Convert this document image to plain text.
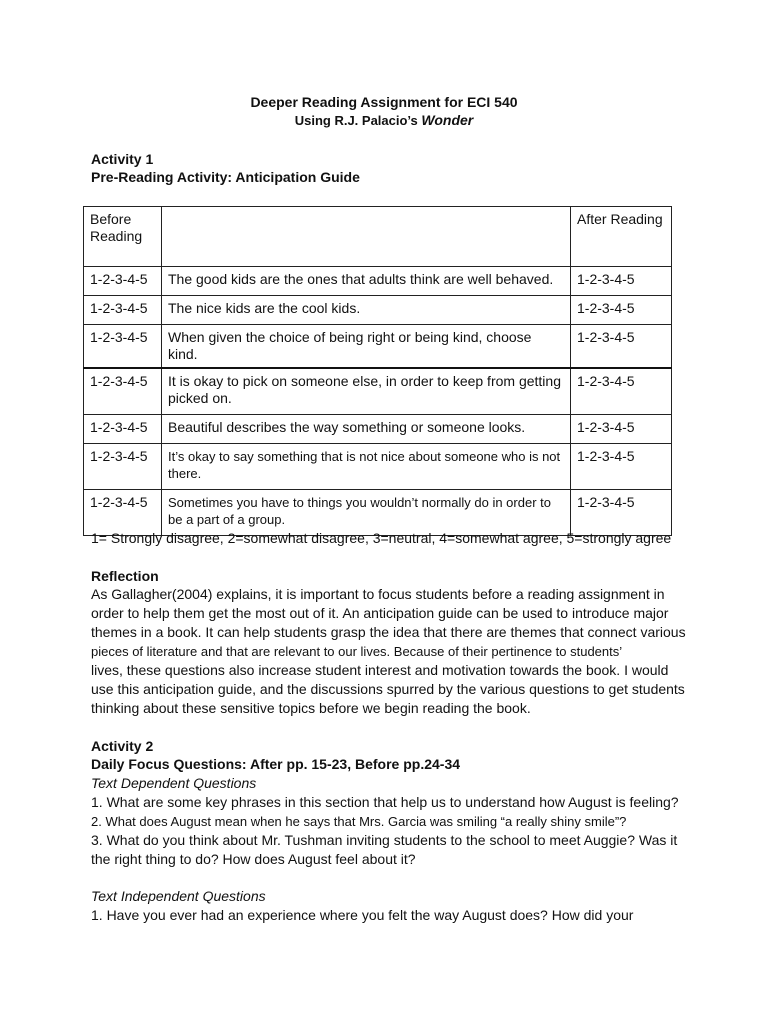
Deeper Reading Assignment for ECI 540
Using R.J. Palacio’s Wonder
Activity 1
Pre-Reading Activity: Anticipation Guide
Before Reading		After Reading
1-2-3-4-5	The good kids are the ones that adults think are well behaved.	1-2-3-4-5
1-2-3-4-5	The nice kids are the cool kids.	1-2-3-4-5
1-2-3-4-5	When given the choice of being right or being kind, choose kind.	1-2-3-4-5
1-2-3-4-5	It is okay to pick on someone else, in order to keep from getting picked on.	1-2-3-4-5
1-2-3-4-5	Beautiful describes the way something or someone looks.	1-2-3-4-5
1-2-3-4-5	It’s okay to say something that is not nice about someone who is not there.	1-2-3-4-5
1-2-3-4-5	Sometimes you have to things you wouldn’t normally do in order to be a part of a group.	1-2-3-4-5
1= Strongly disagree, 2=somewhat disagree, 3=neutral, 4=somewhat agree, 5=strongly agree
Reflection
As Gallagher(2004) explains, it is important to focus students before a reading assignment in
order to help them get the most out of it. An anticipation guide can be used to introduce major
themes in a book. It can help students grasp the idea that there are themes that connect various
pieces of literature and that are relevant to our lives. Because of their pertinence to students’
lives, these questions also increase student interest and motivation towards the book. I would
use this anticipation guide, and the discussions spurred by the various questions to get students
thinking about these sensitive topics before we begin reading the book.
Activity 2
Daily Focus Questions: After pp. 15-23, Before pp.24-34
Text Dependent Questions
1. What are some key phrases in this section that help us to understand how August is feeling?
2. What does August mean when he says that Mrs. Garcia was smiling “a really shiny smile”?
3. What do you think about Mr. Tushman inviting students to the school to meet Auggie? Was it
the right thing to do? How does August feel about it?
Text Independent Questions
1. Have you ever had an experience where you felt the way August does? How did your
